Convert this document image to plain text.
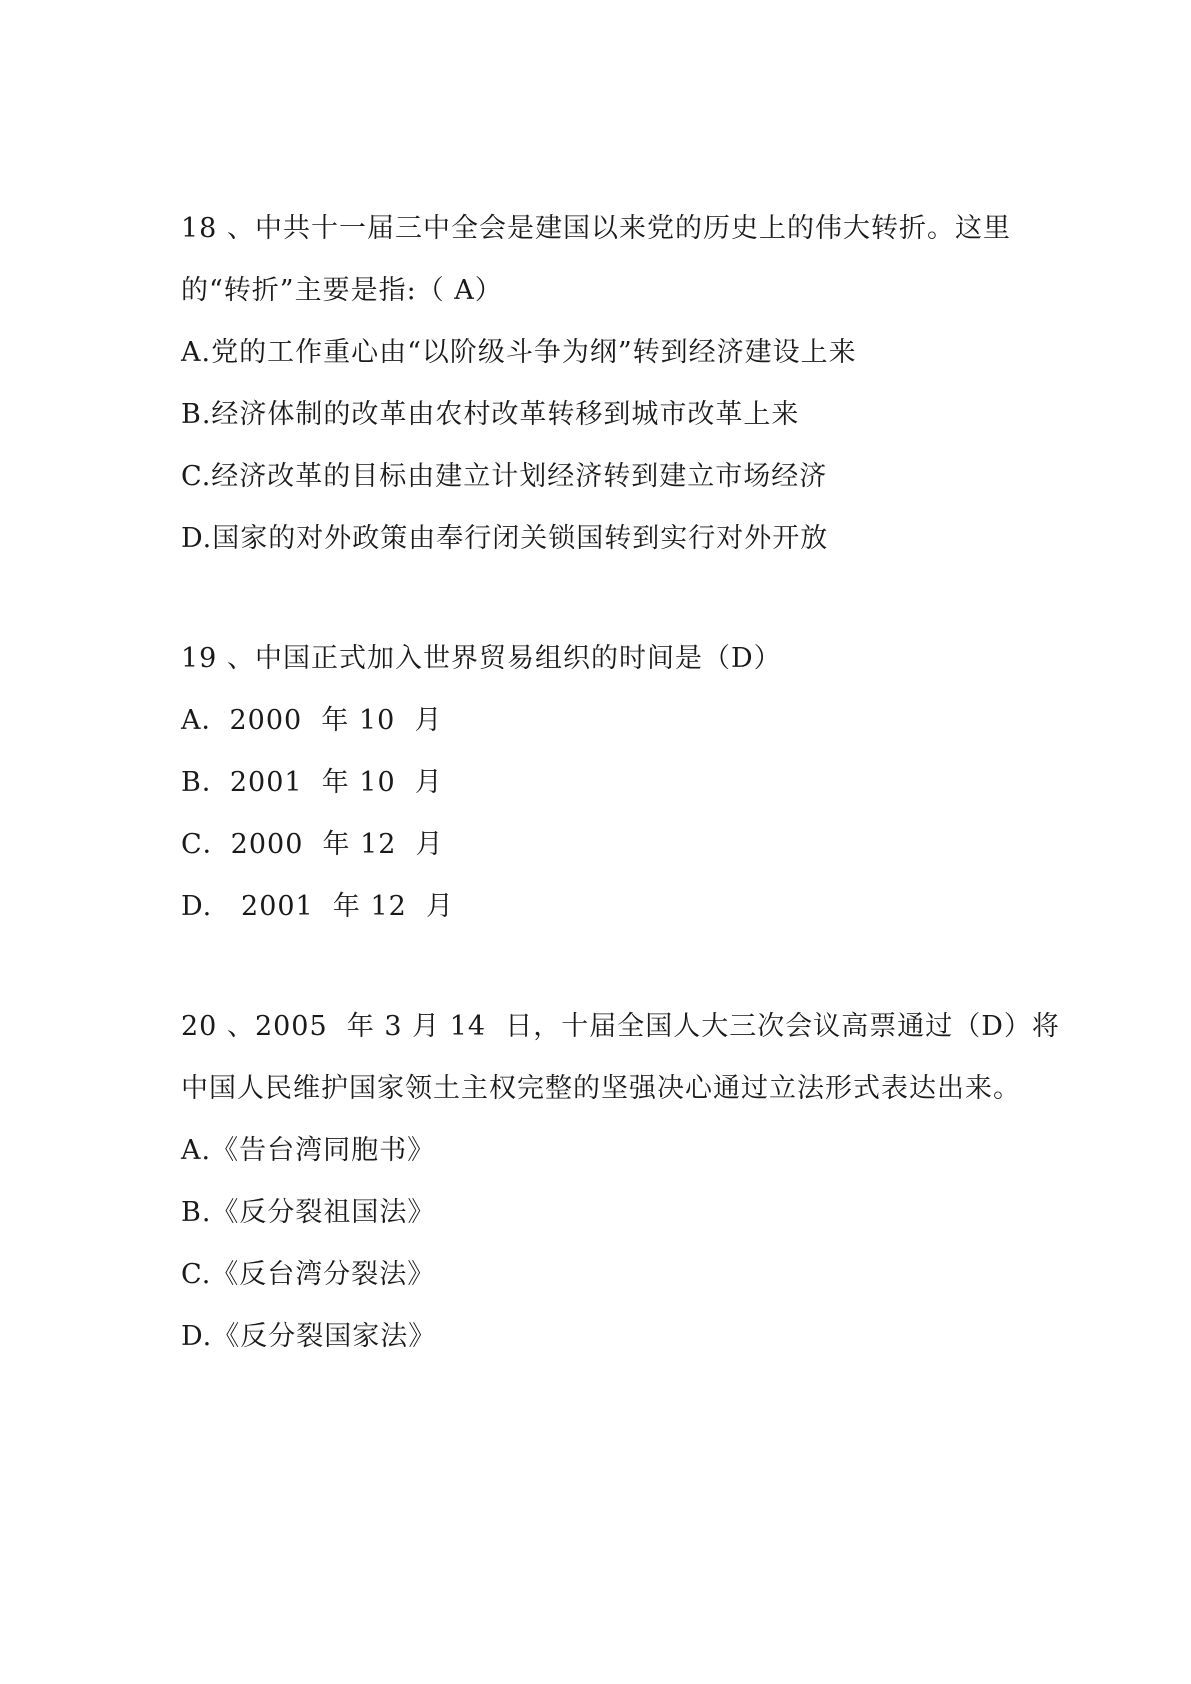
18 、中共十一届三中全会是建国以来党的历史上的伟大转折。这里
的“转折”主要是指:（ A）
A.党的工作重心由“以阶级斗争为纲”转到经济建设上来
B.经济体制的改革由农村改革转移到城市改革上来
C.经济改革的目标由建立计划经济转到建立市场经济
D.国家的对外政策由奉行闭关锁国转到实行对外开放
19 、中国正式加入世界贸易组织的时间是（D）
A．2000  年 10  月
B．2001  年 10  月
C．2000  年 12  月
D.   2001  年 12  月
20 、2005  年 3 月 14  日，十届全国人大三次会议高票通过（D）将
中国人民维护国家领土主权完整的坚强决心通过立法形式表达出来。
A.《告台湾同胞书》
B.《反分裂祖国法》
C.《反台湾分裂法》
D.《反分裂国家法》
